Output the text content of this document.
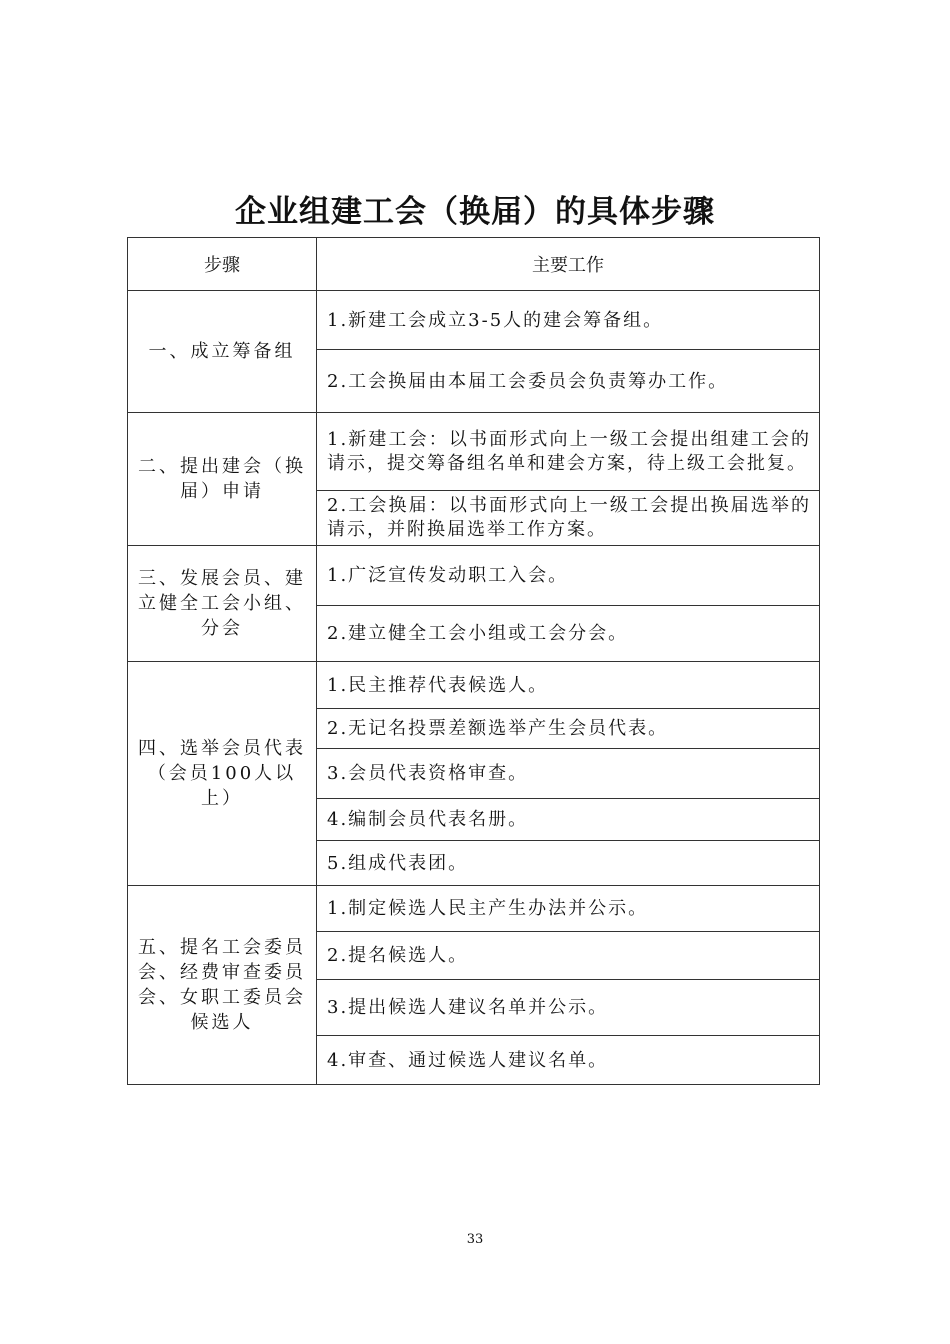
企业组建工会（换届）的具体步骤
步骤	主要工作
一、成立筹备组	1.新建工会成立3-5人的建会筹备组。
	2.工会换届由本届工会委员会负责筹办工作。
二、提出建会（换届）申请	1.新建工会：以书面形式向上一级工会提出组建工会的请示，提交筹备组名单和建会方案，待上级工会批复。
	2.工会换届：以书面形式向上一级工会提出换届选举的请示，并附换届选举工作方案。
三、发展会员、建立健全工会小组、分会	1.广泛宣传发动职工入会。
	2.建立健全工会小组或工会分会。
四、选举会员代表（会员100人以上）	1.民主推荐代表候选人。
	2.无记名投票差额选举产生会员代表。
	3.会员代表资格审查。
	4.编制会员代表名册。
	5.组成代表团。
五、提名工会委员会、经费审查委员会、女职工委员会候选人	1.制定候选人民主产生办法并公示。
	2.提名候选人。
	3.提出候选人建议名单并公示。
	4.审查、通过候选人建议名单。
33
